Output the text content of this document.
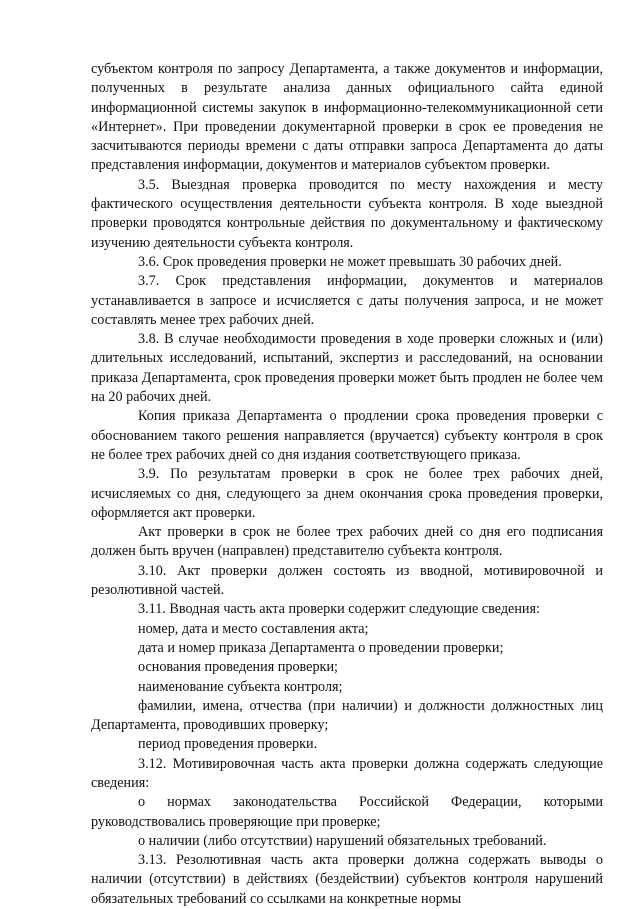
субъектом контроля по запросу Департамента, а также документов и информации, полученных в результате анализа данных официального сайта единой информационной системы закупок в информационно-телекоммуникационной сети «Интернет». При проведении документарной проверки в срок ее проведения не засчитываются периоды времени с даты отправки запроса Департамента до даты представления информации, документов и материалов субъектом проверки.

3.5. Выездная проверка проводится по месту нахождения и месту фактического осуществления деятельности субъекта контроля. В ходе выездной проверки проводятся контрольные действия по документальному и фактическому изучению деятельности субъекта контроля.

3.6. Срок проведения проверки не может превышать 30 рабочих дней.

3.7. Срок представления информации, документов и материалов устанавливается в запросе и исчисляется с даты получения запроса, и не может составлять менее трех рабочих дней.

3.8. В случае необходимости проведения в ходе проверки сложных и (или) длительных исследований, испытаний, экспертиз и расследований, на основании приказа Департамента, срок проведения проверки может быть продлен не более чем на 20 рабочих дней.

Копия приказа Департамента о продлении срока проведения проверки с обоснованием такого решения направляется (вручается) субъекту контроля в срок не более трех рабочих дней со дня издания соответствующего приказа.

3.9. По результатам проверки в срок не более трех рабочих дней, исчисляемых со дня, следующего за днем окончания срока проведения проверки, оформляется акт проверки.

Акт проверки в срок не более трех рабочих дней со дня его подписания должен быть вручен (направлен) представителю субъекта контроля.

3.10. Акт проверки должен состоять из вводной, мотивировочной и резолютивной частей.

3.11. Вводная часть акта проверки содержит следующие сведения:

номер, дата и место составления акта;

дата и номер приказа Департамента о проведении проверки;

основания проведения проверки;

наименование субъекта контроля;

фамилии, имена, отчества (при наличии) и должности должностных лиц Департамента, проводивших проверку;

период проведения проверки.

3.12. Мотивировочная часть акта проверки должна содержать следующие сведения:

о нормах законодательства Российской Федерации, которыми руководствовались проверяющие при проверке;

о наличии (либо отсутствии) нарушений обязательных требований.

3.13. Резолютивная часть акта проверки должна содержать выводы о наличии (отсутствии) в действиях (бездействии) субъектов контроля нарушений обязательных требований со ссылками на конкретные нормы
